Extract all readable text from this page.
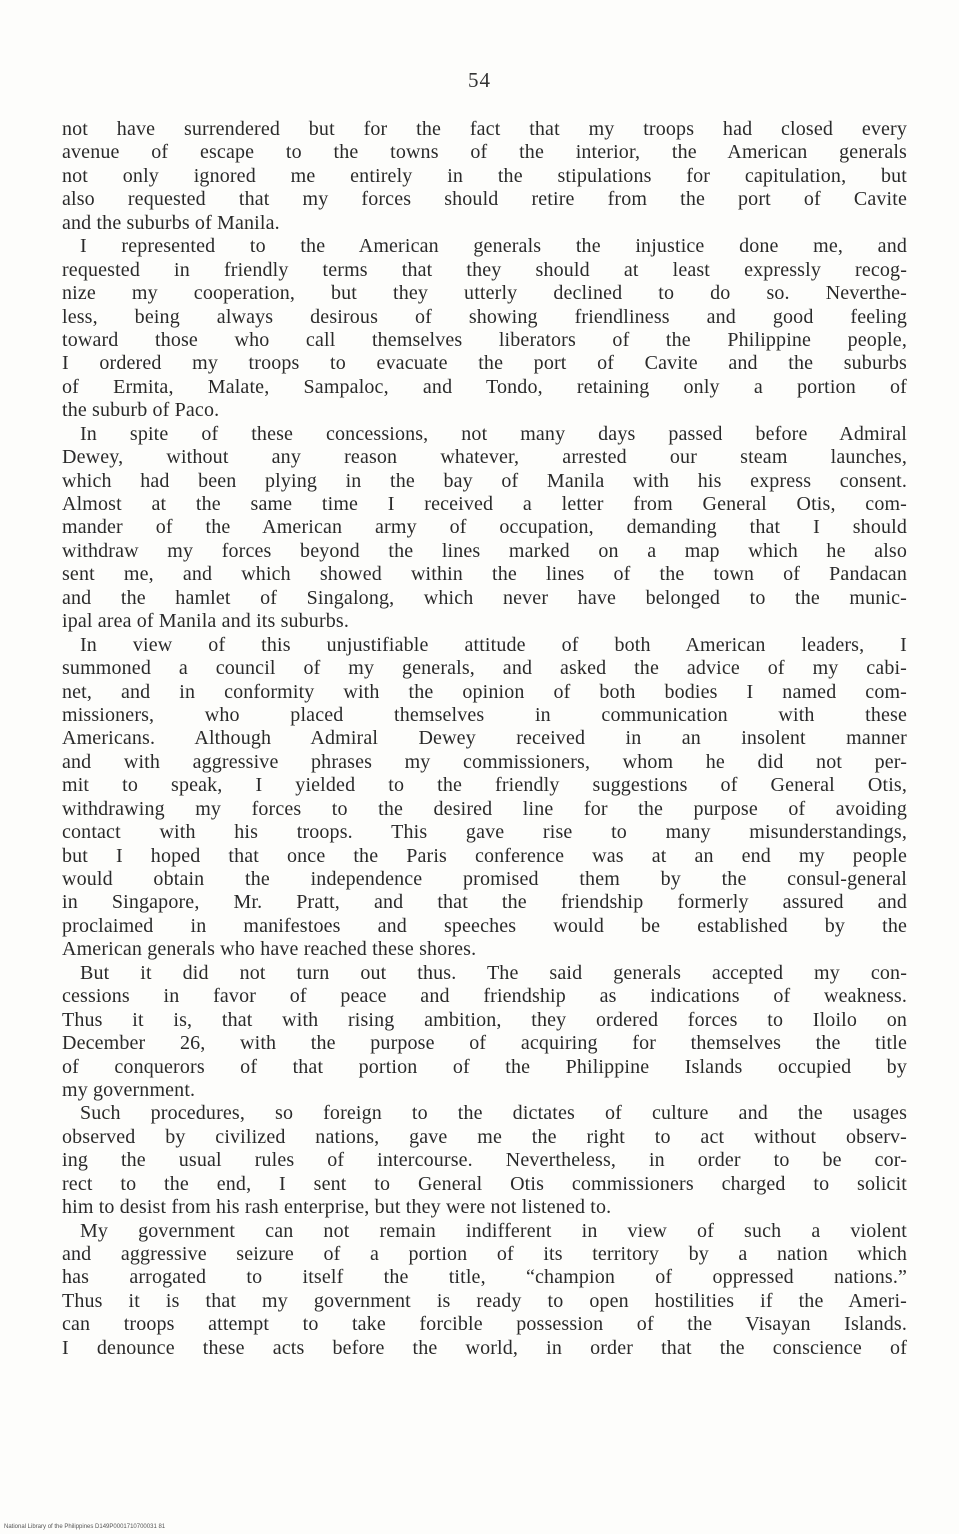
54
not have surrendered but for the fact that my troops had closed every
avenue of escape to the towns of the interior, the American generals
not only ignored me entirely in the stipulations for capitulation, but
also requested that my forces should retire from the port of Cavite
and the suburbs of Manila.
I represented to the American generals the injustice done me, and
requested in friendly terms that they should at least expressly recog-
nize my cooperation, but they utterly declined to do so. Neverthe-
less, being always desirous of showing friendliness and good feeling
toward those who call themselves liberators of the Philippine people,
I ordered my troops to evacuate the port of Cavite and the suburbs
of Ermita, Malate, Sampaloc, and Tondo, retaining only a portion of
the suburb of Paco.
In spite of these concessions, not many days passed before Admiral
Dewey, without any reason whatever, arrested our steam launches,
which had been plying in the bay of Manila with his express consent.
Almost at the same time I received a letter from General Otis, com-
mander of the American army of occupation, demanding that I should
withdraw my forces beyond the lines marked on a map which he also
sent me, and which showed within the lines of the town of Pandacan
and the hamlet of Singalong, which never have belonged to the munic-
ipal area of Manila and its suburbs.
In view of this unjustifiable attitude of both American leaders, I
summoned a council of my generals, and asked the advice of my cabi-
net, and in conformity with the opinion of both bodies I named com-
missioners, who placed themselves in communication with these
Americans. Although Admiral Dewey received in an insolent manner
and with aggressive phrases my commissioners, whom he did not per-
mit to speak, I yielded to the friendly suggestions of General Otis,
withdrawing my forces to the desired line for the purpose of avoiding
contact with his troops. This gave rise to many misunderstandings,
but I hoped that once the Paris conference was at an end my people
would obtain the independence promised them by the consul-general
in Singapore, Mr. Pratt, and that the friendship formerly assured and
proclaimed in manifestoes and speeches would be established by the
American generals who have reached these shores.
But it did not turn out thus. The said generals accepted my con-
cessions in favor of peace and friendship as indications of weakness.
Thus it is, that with rising ambition, they ordered forces to Iloilo on
December 26, with the purpose of acquiring for themselves the title
of conquerors of that portion of the Philippine Islands occupied by
my government.
Such procedures, so foreign to the dictates of culture and the usages
observed by civilized nations, gave me the right to act without observ-
ing the usual rules of intercourse. Nevertheless, in order to be cor-
rect to the end, I sent to General Otis commissioners charged to solicit
him to desist from his rash enterprise, but they were not listened to.
My government can not remain indifferent in view of such a violent
and aggressive seizure of a portion of its territory by a nation which
has arrogated to itself the title, “champion of oppressed nations.”
Thus it is that my government is ready to open hostilities if the Ameri-
can troops attempt to take forcible possession of the Visayan Islands.
I denounce these acts before the world, in order that the conscience of
National Library of the Philippines D149P0001710700031 81
